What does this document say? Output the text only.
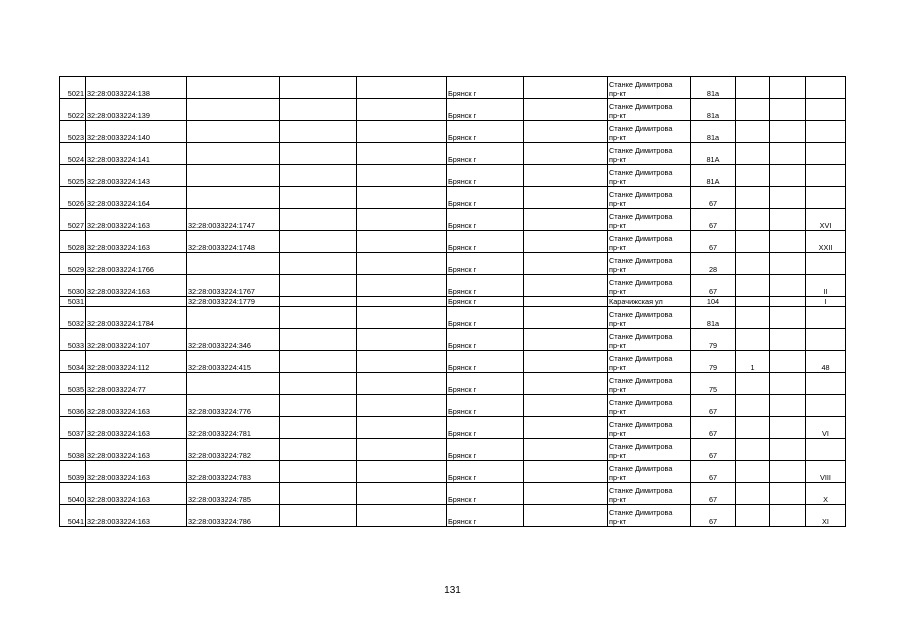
5021	32:28:0033224:138				Брянск г		Станке Димитрова
пр-кт	81а			
5022	32:28:0033224:139				Брянск г		Станке Димитрова
пр-кт	81а			
5023	32:28:0033224:140				Брянск г		Станке Димитрова
пр-кт	81а			
5024	32:28:0033224:141				Брянск г		Станке Димитрова
пр-кт	81А			
5025	32:28:0033224:143				Брянск г		Станке Димитрова
пр-кт	81А			
5026	32:28:0033224:164				Брянск г		Станке Димитрова
пр-кт	67			
5027	32:28:0033224:163	32:28:0033224:1747			Брянск г		Станке Димитрова
пр-кт	67			XVI
5028	32:28:0033224:163	32:28:0033224:1748			Брянск г		Станке Димитрова
пр-кт	67			XXII
5029	32:28:0033224:1766				Брянск г		Станке Димитрова
пр-кт	28			
5030	32:28:0033224:163	32:28:0033224:1767			Брянск г		Станке Димитрова
пр-кт	67			II
5031		32:28:0033224:1779			Брянск г		Карачижская ул	104			I
5032	32:28:0033224:1784				Брянск г		Станке Димитрова
пр-кт	81а			
5033	32:28:0033224:107	32:28:0033224:346			Брянск г		Станке Димитрова
пр-кт	79			
5034	32:28:0033224:112	32:28:0033224:415			Брянск г		Станке Димитрова
пр-кт	79	1		48
5035	32:28:0033224:77				Брянск г		Станке Димитрова
пр-кт	75			
5036	32:28:0033224:163	32:28:0033224:776			Брянск г		Станке Димитрова
пр-кт	67			
5037	32:28:0033224:163	32:28:0033224:781			Брянск г		Станке Димитрова
пр-кт	67			VI
5038	32:28:0033224:163	32:28:0033224:782			Брянск г		Станке Димитрова
пр-кт	67			
5039	32:28:0033224:163	32:28:0033224:783			Брянск г		Станке Димитрова
пр-кт	67			VIII
5040	32:28:0033224:163	32:28:0033224:785			Брянск г		Станке Димитрова
пр-кт	67			X
5041	32:28:0033224:163	32:28:0033224:786			Брянск г		Станке Димитрова
пр-кт	67			XI
131
